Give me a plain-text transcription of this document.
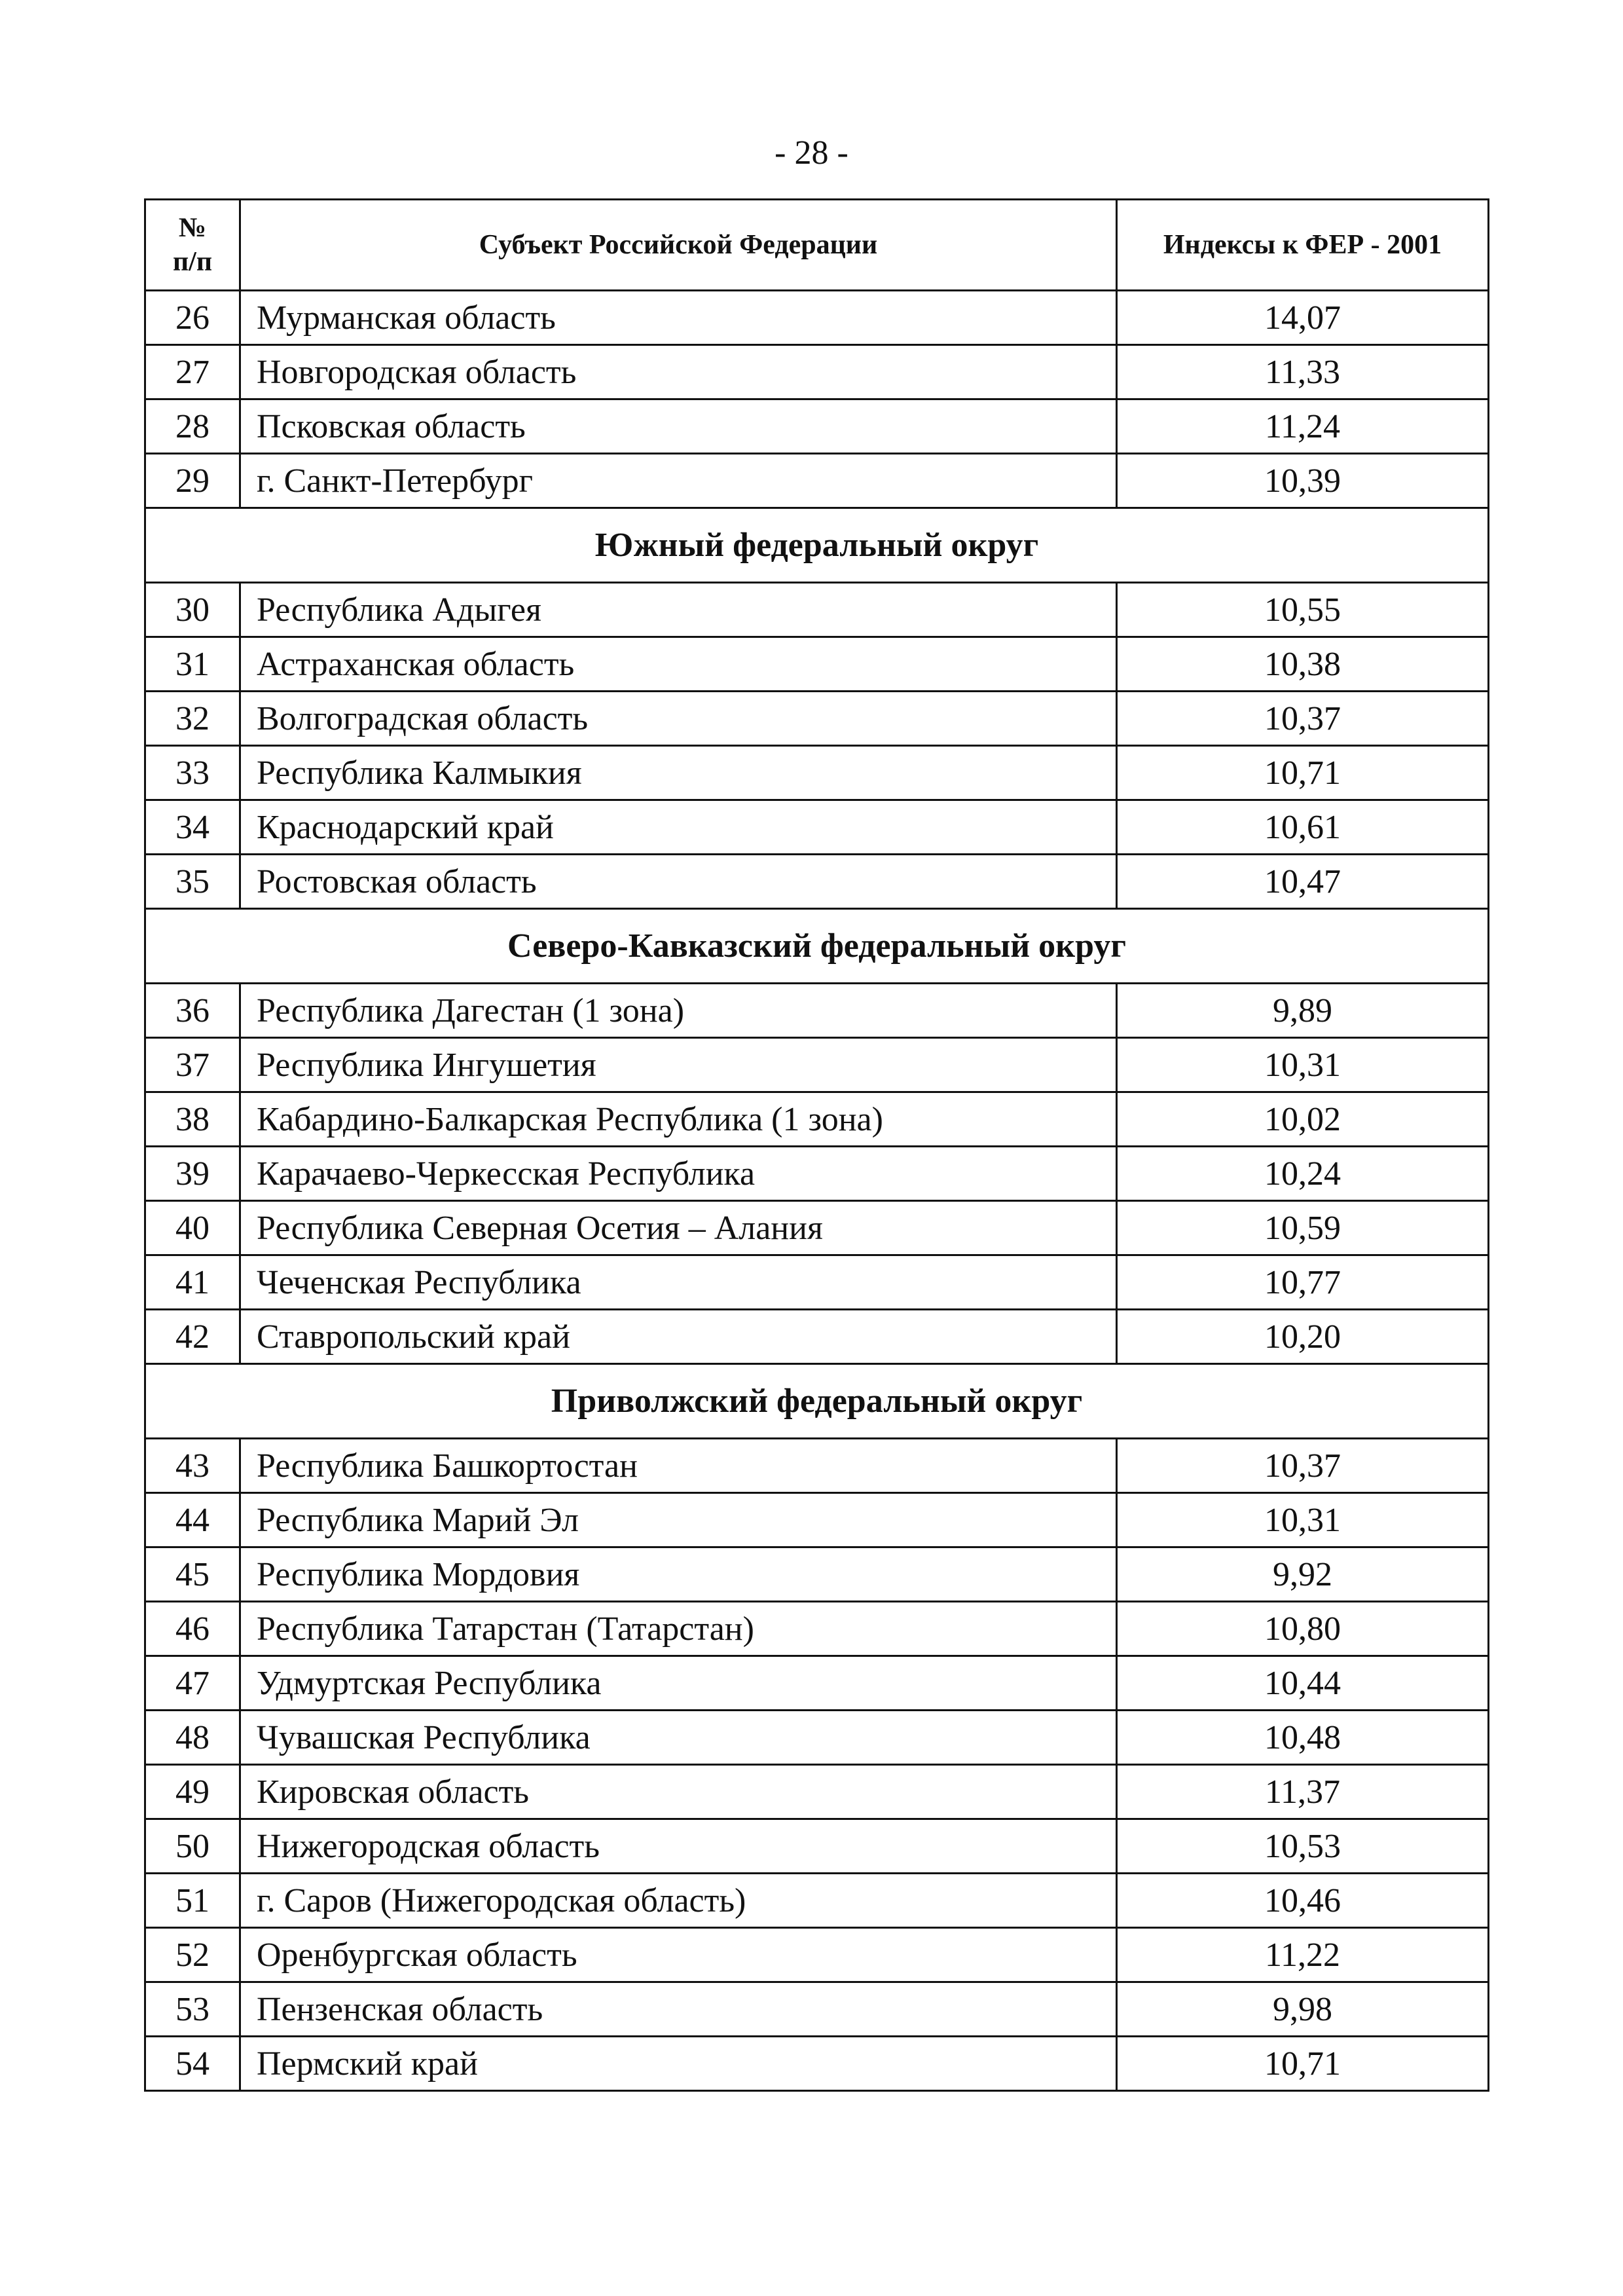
- 28 -
№
п/п	Субъект Российской Федерации	Индексы к ФЕР - 2001
26	Мурманская область	14,07
27	Новгородская область	11,33
28	Псковская область	11,24
29	г. Санкт-Петербург	10,39
Южный федеральный округ		
30	Республика Адыгея	10,55
31	Астраханская область	10,38
32	Волгоградская область	10,37
33	Республика Калмыкия	10,71
34	Краснодарский край	10,61
35	Ростовская область	10,47
Северо-Кавказский федеральный округ		
36	Республика Дагестан (1 зона)	9,89
37	Республика Ингушетия	10,31
38	Кабардино-Балкарская Республика (1 зона)	10,02
39	Карачаево-Черкесская Республика	10,24
40	Республика Северная Осетия – Алания	10,59
41	Чеченская Республика	10,77
42	Ставропольский край	10,20
Приволжский федеральный округ		
43	Республика Башкортостан	10,37
44	Республика Марий Эл	10,31
45	Республика Мордовия	9,92
46	Республика Татарстан (Татарстан)	10,80
47	Удмуртская Республика	10,44
48	Чувашская Республика	10,48
49	Кировская область	11,37
50	Нижегородская область	10,53
51	г. Саров (Нижегородская область)	10,46
52	Оренбургская область	11,22
53	Пензенская область	9,98
54	Пермский край	10,71
